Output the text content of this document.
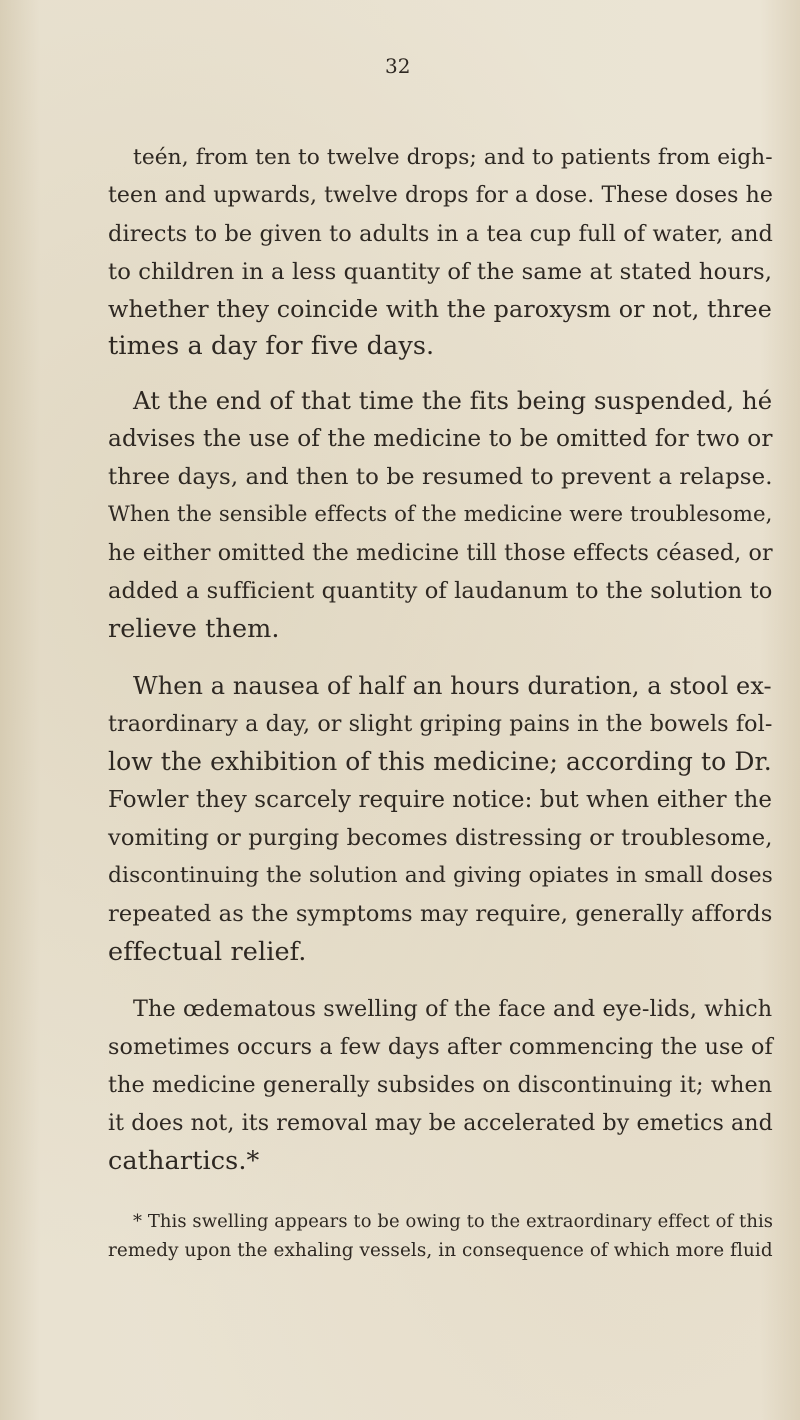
32
teén, from ten to twelve drops; and to patients from eigh-
teen and upwards, twelve drops for a dose. These doses he
directs to be given to adults in a tea cup full of water, and
to children in a less quantity of the same at stated hours,
whether they coincide with the paroxysm or not, three
times a day for five days.
At the end of that time the fits being suspended, hé
advises the use of the medicine to be omitted for two or
three days, and then to be resumed to prevent a relapse.
When the sensible effects of the medicine were troublesome,
he either omitted the medicine till those effects céased, or
added a sufficient quantity of laudanum to the solution to
relieve them.
When a nausea of half an hours duration, a stool ex-
traordinary a day, or slight griping pains in the bowels fol-
low the exhibition of this medicine; according to Dr.
Fowler they scarcely require notice: but when either the
vomiting or purging becomes distressing or troublesome,
discontinuing the solution and giving opiates in small doses
repeated as the symptoms may require, generally affords
effectual relief.
The œdematous swelling of the face and eye-lids, which
sometimes occurs a few days after commencing the use of
the medicine generally subsides on discontinuing it; when
it does not, its removal may be accelerated by emetics and
cathartics.*
* This swelling appears to be owing to the extraordinary effect of this
remedy upon the exhaling vessels, in consequence of which more fluid
